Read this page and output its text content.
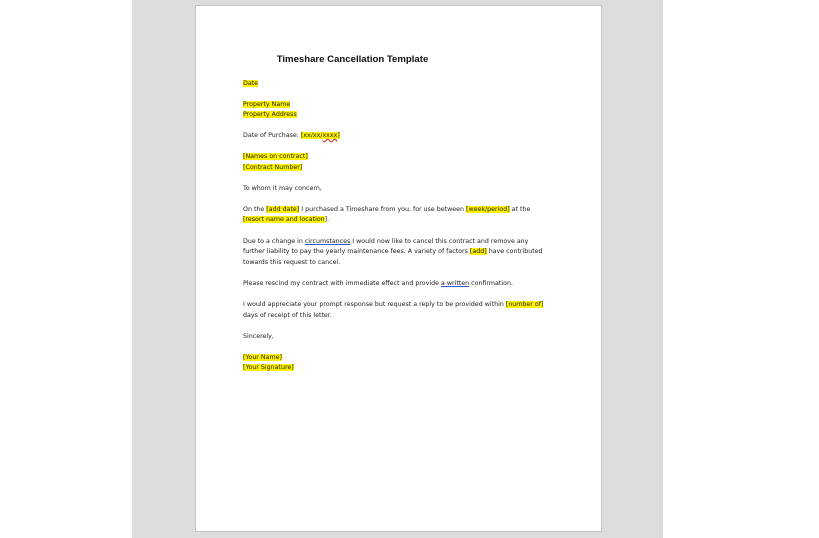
Timeshare Cancellation Template
Date
Property Name
Property Address
Date of Purchase: [xx/xx/xxxx]
[Names on contract]
[Contract Number]
To whom it may concern,
On the [add date] I purchased a Timeshare from you, for use between [week/period] at the
[resort name and location].
Due to a change in circumstances I would now like to cancel this contract and remove any
further liability to pay the yearly maintenance fees. A variety of factors [add] have contributed
towards this request to cancel.
Please rescind my contract with immediate effect and provide a written confirmation.
I would appreciate your prompt response but request a reply to be provided within [number of]
days of receipt of this letter.
Sincerely,
[Your Name]
[Your Signature]
